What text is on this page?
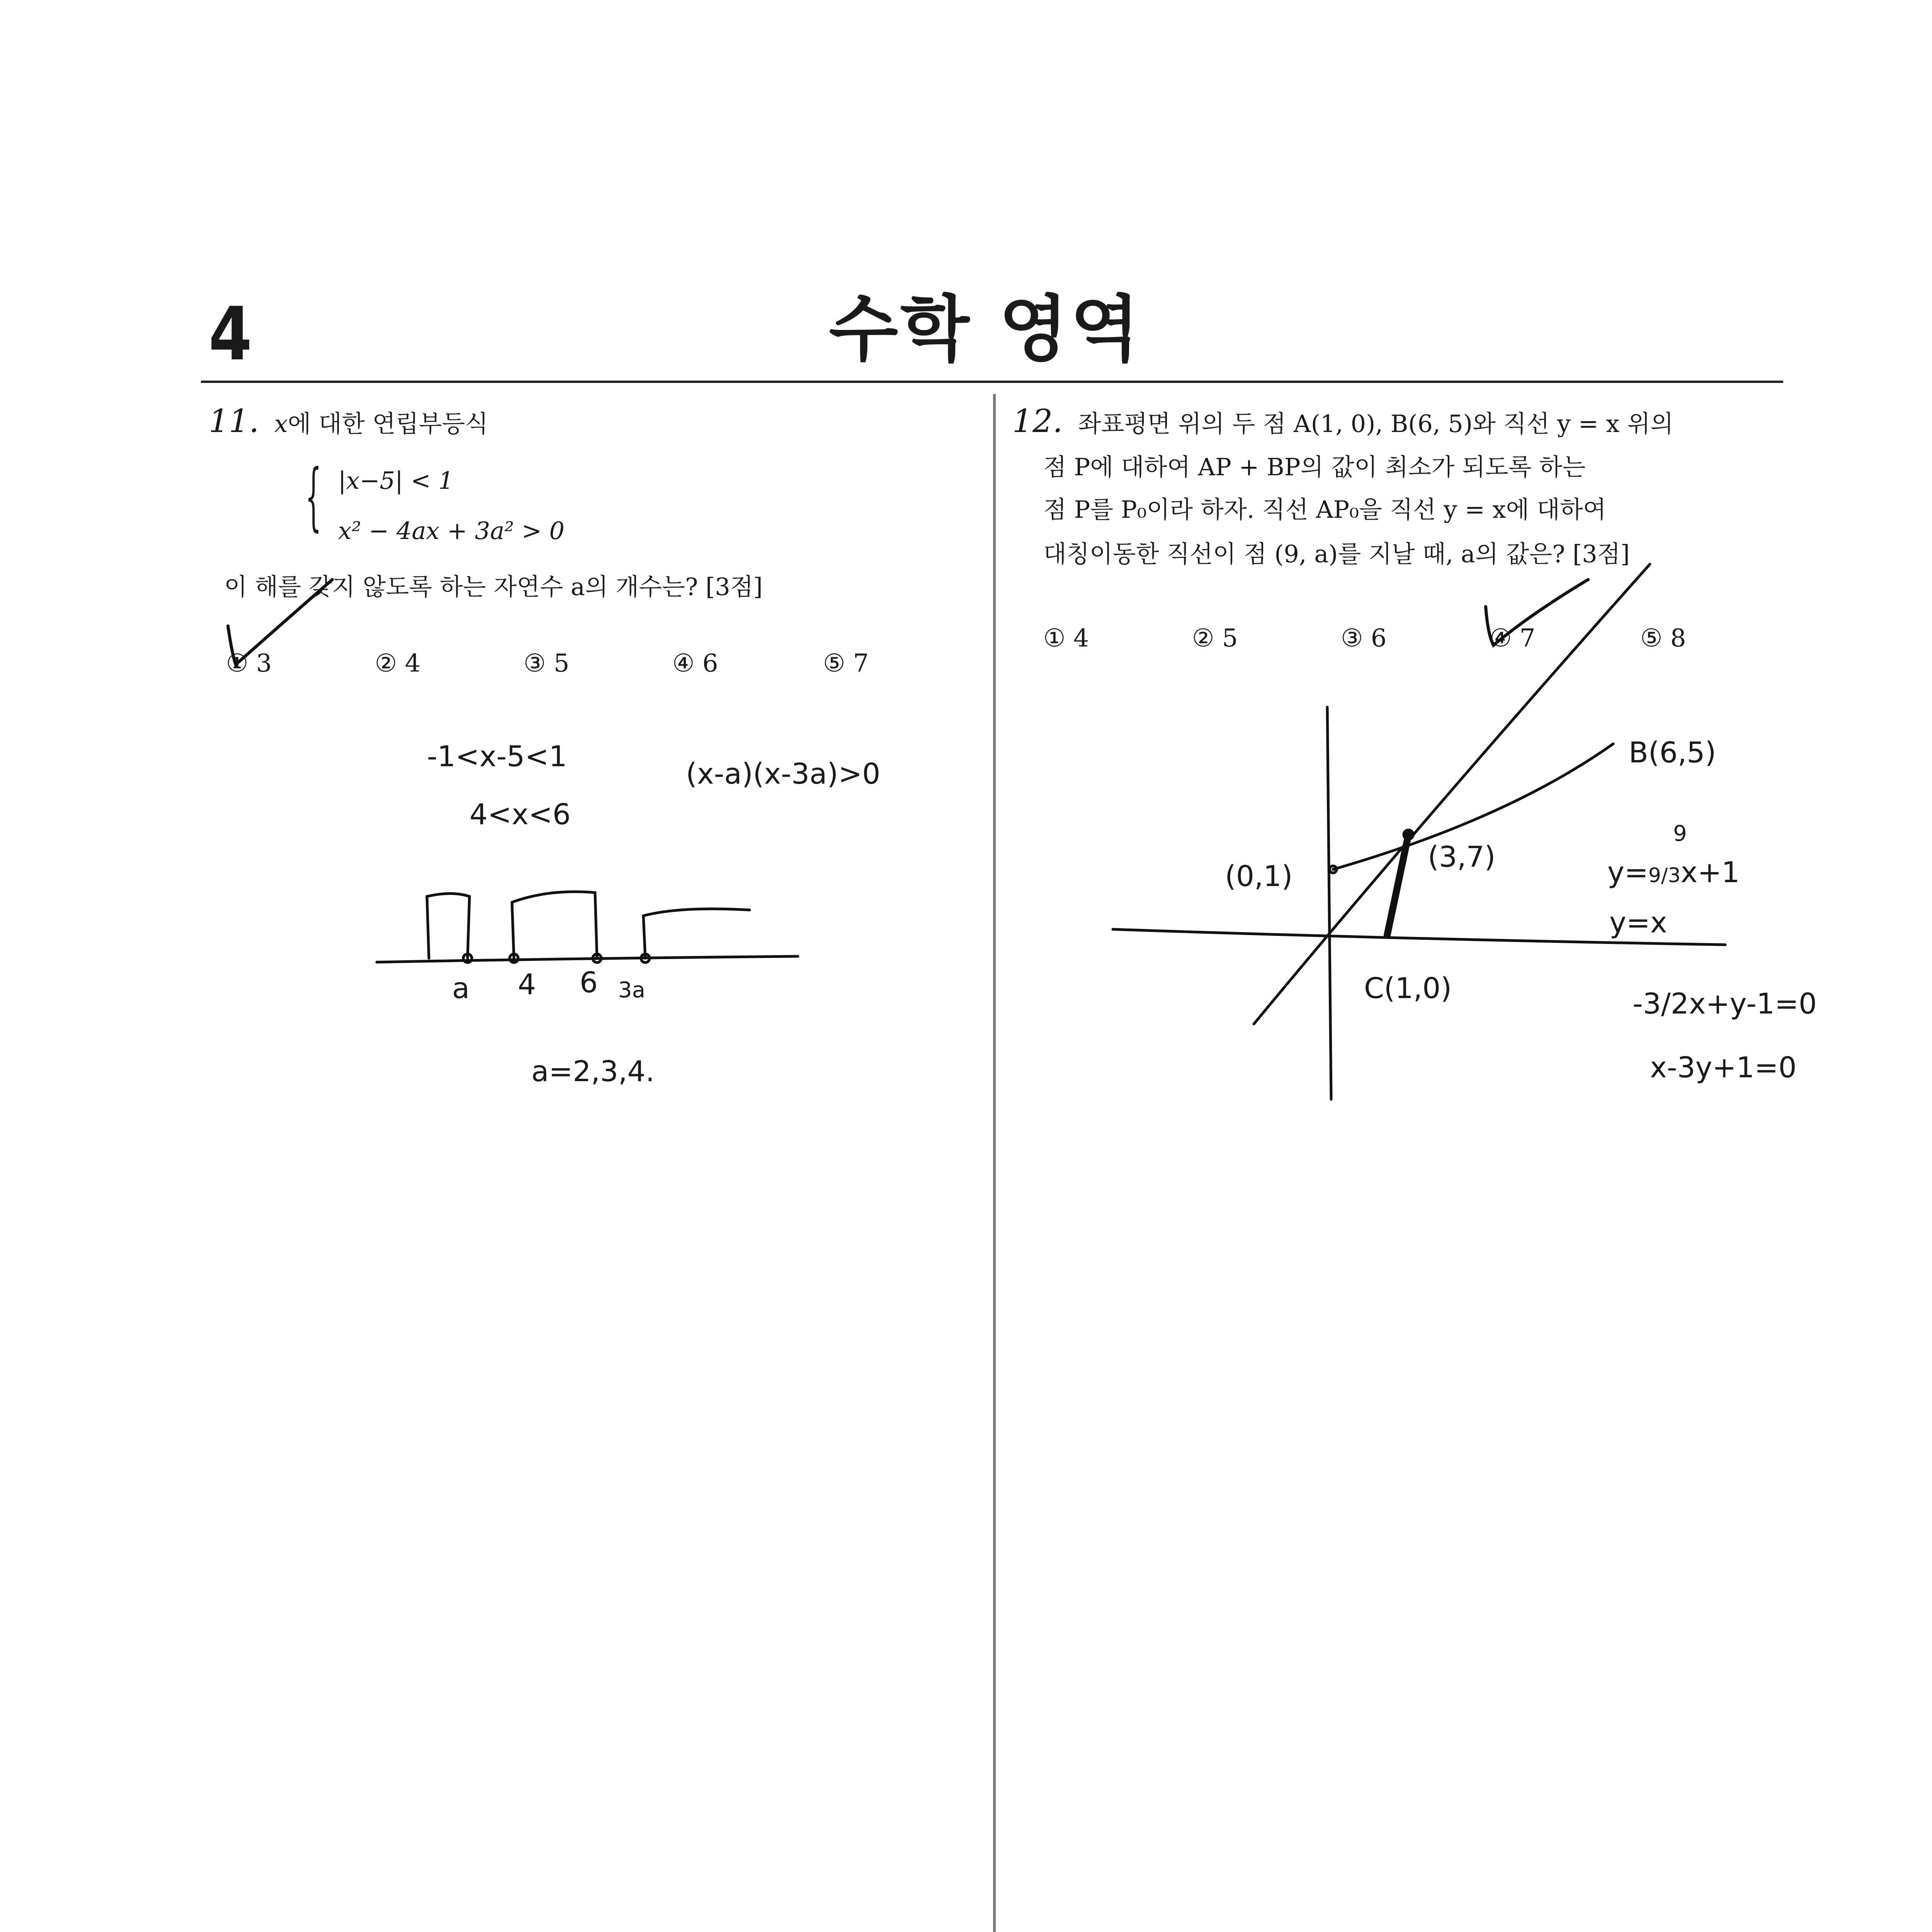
4	수학 영역
11. x에 대한 연립부등식
{ |x−5| < 1
x² − 4ax + 3a² > 0
이 해를 갖지 않도록 하는 자연수 a의 개수는? [3점]
① 3	② 4	③ 5	④ 6	⑤ 7
12. 좌표평면 위의 두 점 A(1, 0), B(6, 5)와 직선 y = x 위의
점 P에 대하여 AP + BP의 값이 최소가 되도록 하는
점 P를 P₀이라 하자. 직선 AP₀을 직선 y = x에 대하여
대칭이동한 직선이 점 (9, a)를 지날 때, a의 값은? [3점]
① 4	② 5	③ 6	④ 7	⑤ 8
-1<x-5<1
4<x<6
(x-a)(x-3a)>0
a 4 6 3a
a=2,3,4.
B(6,5)
(0,1)
(3,7)
C(1,0)
9
y=9/3x+1
y=x
-3/2x+y-1=0
x-3y+1=0
